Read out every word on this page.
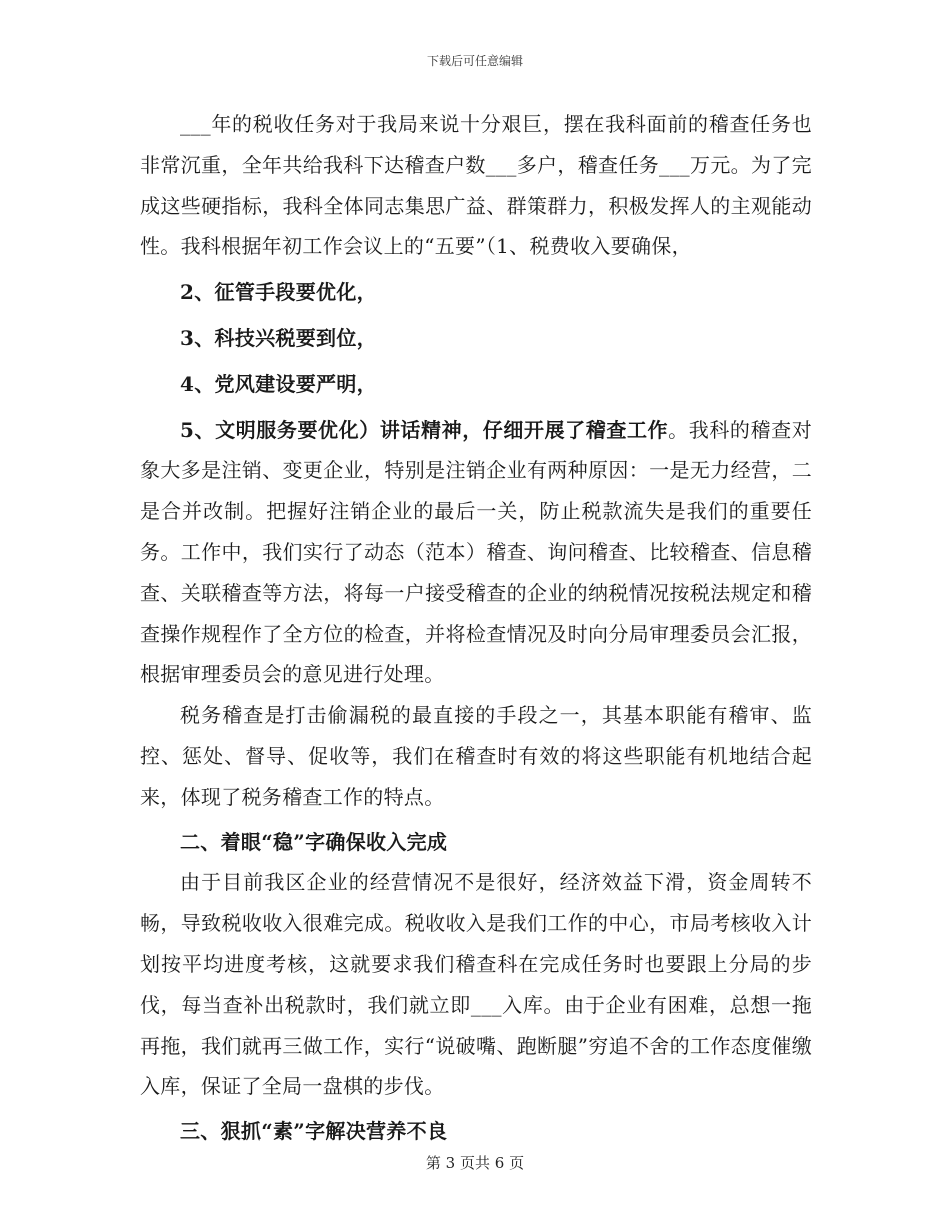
下载后可任意编辑

___年的税收任务对于我局来说十分艰巨，摆在我科面前的稽查任务也非常沉重，全年共给我科下达稽查户数___多户，稽查任务___万元。为了完成这些硬指标，我科全体同志集思广益、群策群力，积极发挥人的主观能动性。我科根据年初工作会议上的“五要”（1、税费收入要确保，

2、征管手段要优化，

3、科技兴税要到位，

4、党风建设要严明，

5、文明服务要优化）讲话精神，仔细开展了稽查工作。我科的稽查对象大多是注销、变更企业，特别是注销企业有两种原因：一是无力经营，二是合并改制。把握好注销企业的最后一关，防止税款流失是我们的重要任务。工作中，我们实行了动态（范本）稽查、询问稽查、比较稽查、信息稽查、关联稽查等方法，将每一户接受稽查的企业的纳税情况按税法规定和稽查操作规程作了全方位的检查，并将检查情况及时向分局审理委员会汇报，根据审理委员会的意见进行处理。

税务稽查是打击偷漏税的最直接的手段之一，其基本职能有稽审、监控、惩处、督导、促收等，我们在稽查时有效的将这些职能有机地结合起来，体现了税务稽查工作的特点。

二、着眼“稳”字确保收入完成

由于目前我区企业的经营情况不是很好，经济效益下滑，资金周转不畅，导致税收收入很难完成。税收收入是我们工作的中心，市局考核收入计划按平均进度考核，这就要求我们稽查科在完成任务时也要跟上分局的步伐，每当查补出税款时，我们就立即___入库。由于企业有困难，总想一拖再拖，我们就再三做工作，实行“说破嘴、跑断腿”穷追不舍的工作态度催缴入库，保证了全局一盘棋的步伐。

三、狠抓“素”字解决营养不良

第 3 页共 6 页
